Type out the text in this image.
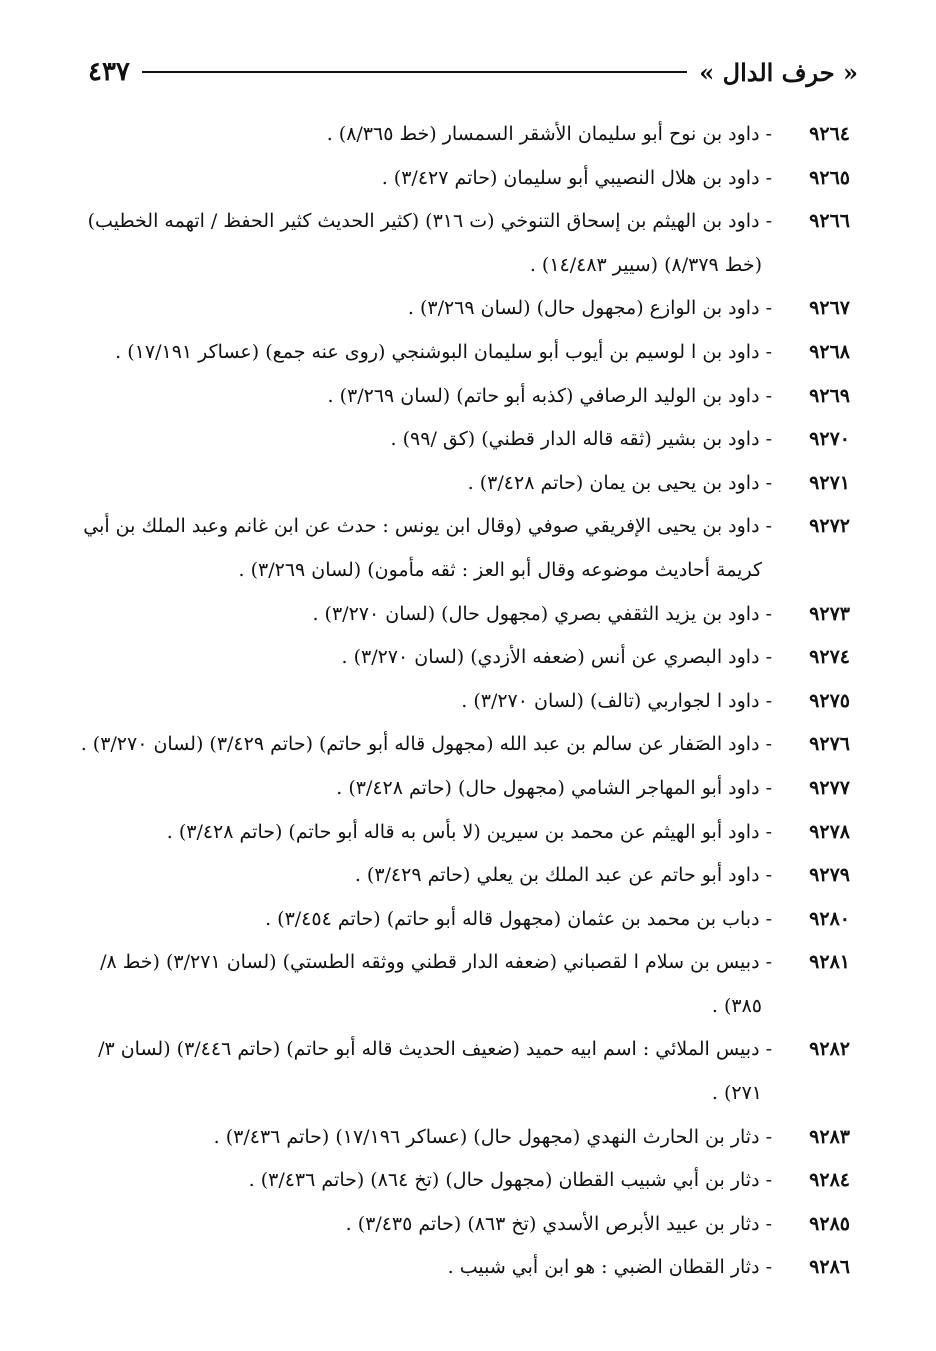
٤٣٧	« حرف الدال »
٩٢٦٤
- داود بن نوح أبو سليمان الأشقر السمسار (خط ٨/٣٦٥) .
٩٢٦٥
- داود بن هلال النصيبي أبو سليمان (حاتم ٣/٤٢٧) .
٩٢٦٦
- داود بن الهيثم بن إسحاق التنوخي (ت ٣١٦) (كثير الحديث كثير الحفظ / اتهمه الخطيب)
(خط ٨/٣٧٩) (سيير ١٤/٤٨٣) .
٩٢٦٧
- داود بن الوازع (مجهول حال) (لسان ٣/٢٦٩) .
٩٢٦٨
- داود بن ا لوسيم بن أيوب أبو سليمان البوشنجي (روى عنه جمع) (عساكر ١٧/١٩١) .
٩٢٦٩
- داود بن الوليد الرصافي (كذبه أبو حاتم) (لسان ٣/٢٦٩) .
٩٢٧٠
- داود بن بشير (ثقه قاله الدار قطني) (كق /٩٩) .
٩٢٧١
- داود بن يحيى بن يمان (حاتم ٣/٤٢٨) .
٩٢٧٢
- داود بن يحيى الإفريقي صوفي (وقال ابن يونس : حدث عن ابن غانم وعبد الملك بن أبي
كريمة أحاديث موضوعه وقال أبو العز : ثقه مأمون) (لسان ٣/٢٦٩) .
٩٢٧٣
- داود بن يزيد الثقفي بصري (مجهول حال) (لسان ٣/٢٧٠) .
٩٢٧٤
- داود البصري عن أنس (ضعفه الأزدي) (لسان ٣/٢٧٠) .
٩٢٧٥
- داود ا لجواربي (تالف) (لسان ٣/٢٧٠) .
٩٢٧٦
- داود الصَفار عن سالم بن عبد الله (مجهول قاله أبو حاتم) (حاتم ٣/٤٢٩) (لسان ٣/٢٧٠) .
٩٢٧٧
- داود أبو المهاجر الشامي (مجهول حال) (حاتم ٣/٤٢٨) .
٩٢٧٨
- داود أبو الهيثم عن محمد بن سيرين (لا بأس به قاله أبو حاتم) (حاتم ٣/٤٢٨) .
٩٢٧٩
- داود أبو حاتم عن عبد الملك بن يعلي (حاتم ٣/٤٢٩) .
٩٢٨٠
- دباب بن محمد بن عثمان (مجهول قاله أبو حاتم) (حاتم ٣/٤٥٤) .
٩٢٨١
- دبيس بن سلام ا لقصباني (ضعفه الدار قطني ووثقه الطستي) (لسان ٣/٢٧١) (خط ٨/
٣٨٥) .
٩٢٨٢
- دبيس الملائي : اسم ابيه حميد (ضعيف الحديث قاله أبو حاتم) (حاتم ٣/٤٤٦) (لسان ٣/
٢٧١) .
٩٢٨٣
- دثار بن الحارث النهدي (مجهول حال) (عساكر ١٧/١٩٦) (حاتم ٣/٤٣٦) .
٩٢٨٤
- دثار بن أبي شبيب القطان (مجهول حال) (تخ ٨٦٤) (حاتم ٣/٤٣٦) .
٩٢٨٥
- دثار بن عبيد الأبرص الأسدي (تخ ٨٦٣) (حاتم ٣/٤٣٥) .
٩٢٨٦
- دثار القطان الضبي : هو ابن أبي شبيب .
